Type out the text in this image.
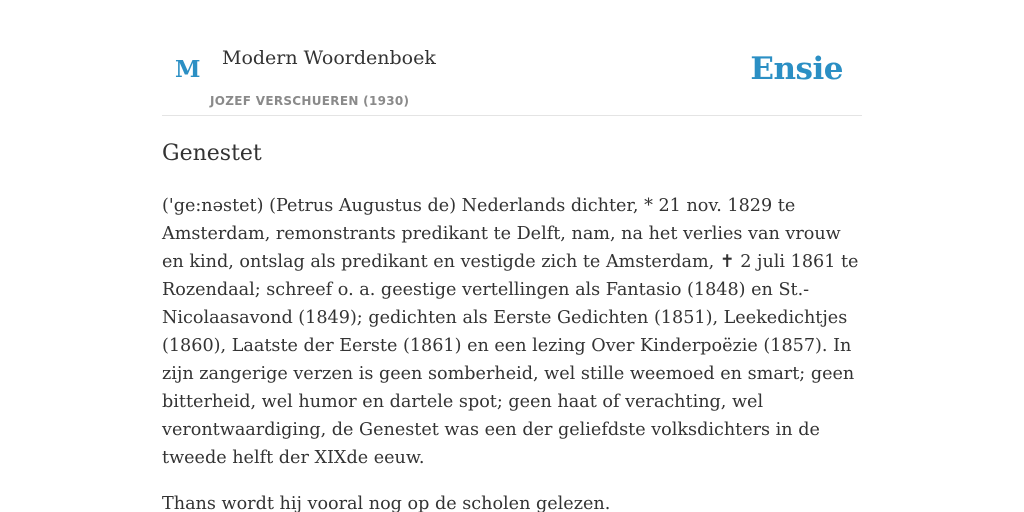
M Modern Woordenboek
JOZEF VERSCHUEREN (1930)
Ensie
Genestet

('ge:nəstet) (Petrus Augustus de) Nederlands dichter, * 21 nov. 1829 te Amsterdam, remonstrants predikant te Delft, nam, na het verlies van vrouw en kind, ontslag als predikant en vestigde zich te Amsterdam, ✝ 2 juli 1861 te Rozendaal; schreef o. a. geestige vertellingen als Fantasio (1848) en St.-Nicolaasavond (1849); gedichten als Eerste Gedichten (1851), Leekedichtjes (1860), Laatste der Eerste (1861) en een lezing Over Kinderpoëzie (1857). In zijn zangerige verzen is geen somberheid, wel stille weemoed en smart; geen bitterheid, wel humor en dartele spot; geen haat of verachting, wel verontwaardiging, de Genestet was een der geliefdste volksdichters in de tweede helft der XIXde eeuw.

Thans wordt hij vooral nog op de scholen gelezen.
